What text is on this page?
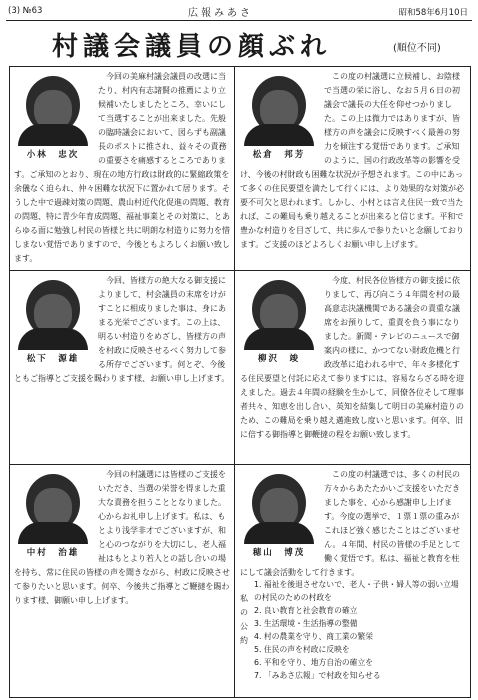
(3) №63	広報みあさ	昭和58年6月10日
村議会議員の顔ぶれ	(順位不同)
小林　忠次

今回の美麻村議会議員の改選に当たり、村内有志諸賢の推薦により立候補いたしましたところ、幸いにして当選することが出来ました。先般の臨時議会において、図らずも副議長のポストに推され、益々その責務の重要さを痛感するところであります。ご承知のとおり、現在の地方行政は財政的に緊縮政策を余儀なく迫られ、仲々困難な状況下に置かれて居ります。そうした中で過疎対策の問題、農山村近代化促進の問題、教育の問題、特に青少年育成問題、福祉事業とその対策に、とあらゆる面に勉強し村民の皆様と共に明朗な村造りに努力を惜しまない覚悟でありますので、今後ともよろしくお願い致します。

松倉　邦芳

この度の村議選に立候補し、お陰様で当選の栄に浴し、なお５月６日の初議会で議長の大任を仰せつかりました。この上は微力ではありますが、皆様方の声を議会に反映すべく最善の努力を傾注する覚悟であります。ご承知のように、国の行政改革等の影響を受け、今後の村財政も困難な状況が予想されます。この中にあって多くの住民要望を満たして行くには、より効果的な対策が必要不可欠と思われます。しかし、小村とは言え住民一致で当たれば、この難局も乗り越えることが出来ると信じます。平和で豊かな村造りを目ざして、共に歩んで参りたいと念願しております。ご支援のほどよろしくお願い申し上げます。

松下　源雄

今回、皆様方の絶大なる御支援によりまして、村会議員の末席をけがすことに相成りました事は、身にあまる光栄でございます。この上は、明るい村造りをめざし、皆様方の声を村政に反映させるべく努力して参る所存でございます。何とぞ、今後ともご指導とご支援を賜わります様、お願い申し上げます。

柳沢　竣

今度、村民各位皆様方の御支援に依りまして、再び向こう４年間を村の最高意志決議機関である議会の責重な議席をお預りして、重責を負う事になりました。新聞・テレビのニュースで御案内の様に、かつてない財政危機と行政改革に追われる中で、年々多様化する住民要望と付託に応えて参りますには、容易ならざる時を迎えました。過去４年間の経験を生かして、同僚各位そして理事者共々、知恵を出し合い、英知を結集して明日の美麻村造りのため、この難局を乗り越え邁進致し度いと思います。何卒、旧に倍する御指導と御鞭撻の程をお願い致します。

中村　治雄

今回の村議選には皆様のご支援をいただき、当選の栄誉を得ました重大な責務を担うこととなりました。心からお礼申し上げます。私は、もとより浅学非才でございますが、和と心のつながりを大切にし、老人福祉はもとより若人との話し合いの場を持ち、常に住民の皆様の声を聞きながら、村政に反映させて参りたいと思います。何卒、今後共ご指導とご鞭撻を賜わります様、御願い申し上げます。

穂山　博茂

この度の村議選では、多くの村民の方々からあたたかいご支援をいただきました事を、心から感謝申し上げます。今度の選挙で、１票１票の重みがこれほど強く感じたことはございません。４年間、村民の皆様の手足として働く覚悟です。私は、福祉と教育を柱にして議会活動をして行きます。

私
の
公
約
1. 福祉を後退させないで、老人・子供・婦人等の弱い立場の村民のための村政を
2. 良い教育と社会教育の確立
3. 生活環境・生活指導の整備
4. 村の農業を守り、商工業の繁栄
5. 住民の声を村政に反映を
6. 平和を守り、地方自治の確立を
7. 「みあさ広報」で村政を知らせる
